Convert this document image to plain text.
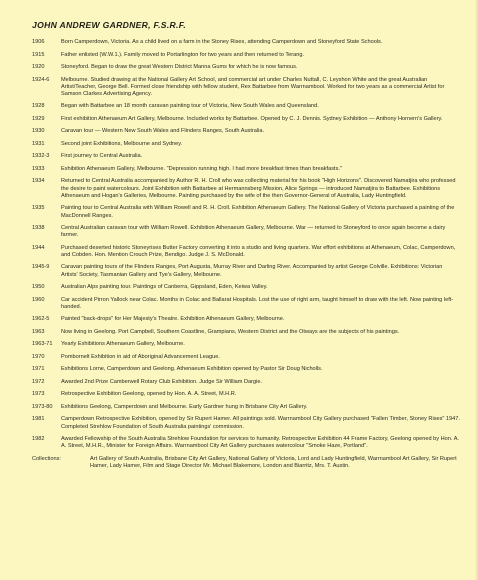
JOHN ANDREW GARDNER, F.S.R.F.
1906	Born Camperdown, Victoria. As a child lived on a farm in the Stoney Rises, attending Camperdown and Stoneyford State Schools.
1915	Father enlisted (W.W.1.). Family moved to Portarlington for two years and then returned to Terang.
1920	Stoneyford. Began to draw the great Western District Manna Gums for which he is now famous.
1924-6	Melbourne. Studied drawing at the National Gallery Art School, and commercial art under Charles Nuttall, C. Leyshon White and the great Australian Artist/Teacher, George Bell. Formed close friendship with fellow student, Rex Battarbee from Warrnambool. Worked for two years as a commercial Artist for Samson Clarkes Advertising Agency.
1928	Began with Battarbee an 18 month caravan painting tour of Victoria, New South Wales and Queensland.
1929	First exhibition Athenaeum Art Gallery, Melbourne. Included works by Battarbee. Opened by C. J. Dennis. Sydney Exhibition — Anthony Hornern's Gallery.
1930	Caravan tour — Western New South Wales and Flinders Ranges, South Australia.
1931	Second joint Exhibitions, Melbourne and Sydney.
1932-3	First journey to Central Australia.
1933	Exhibition Athenaeum Gallery, Melbourne. "Depression running high. I had more breakfast times than breakfasts."
1934	Returned to Central Australia accompanied by Author R. H. Croll who was collecting material for his book "High Horizons". Discovered Namatjira who professed the desire to paint watercolours. Joint Exhibition with Battarbee at Hermannsberg Mission, Alice Springs — introduced Namatjira to Battarbee. Exhibitions Athenaeum and Hogan's Galleries, Melbourne. Painting purchased by the wife of the then Governor-General of Australia, Lady Huntingfield.
1935	Painting tour to Central Australia with William Rowell and R. H. Croll. Exhibition Athenaeum Gallery. The National Gallery of Victoria purchased a painting of the MacDonnell Ranges.
1938	Central Australian caravan tour with William Rowell. Exhibition Athenaeum Gallery, Melbourne. War — returned to Stoneyford to once again become a dairy farmer.
1944	Purchased deserted historic Stoneyrises Butter Factory converting it into a studio and living quarters. War effort exhibitions at Athenaeum, Colac, Camperdown, and Cobden. Hon. Mention Crouch Prize, Bendigo. Judge J. S. McDonald.
1945-9	Caravan painting tours of the Flinders Ranges, Port Augusta, Murray River and Darling River. Accompanied by artist George Colville. Exhibitions: Victorian Artists' Society, Tasmanian Gallery and Tye's Gallery, Melbourne.
1950	Australian Alps painting tour. Paintings of Canberra, Gippsland, Eden, Keiwa Valley.
1960	Car accident Pirron Yallock near Colac. Months in Colac and Ballarat Hospitals. Lost the use of right arm, taught himself to draw with the left. Now painting left-handed.
1962-5	Painted "back-drops" for Her Majesty's Theatre. Exhibition Athenaeum Gallery, Melbourne.
1963	Now living in Geelong. Port Campbell, Southern Coastline, Grampians, Western District and the Otways are the subjects of his paintings.
1963-71	Yearly Exhibitions Athenaeum Gallery, Melbourne.
1970	Pombornelt Exhibition in aid of Aboriginal Advancement League.
1971	Exhibitions Lorne, Camperdown and Geelong. Athenaeum Exhibition opened by Pastor Sir Doug Nicholls.
1972	Awarded 2nd Prize Camberwell Rotary Club Exhibition. Judge Sir William Dargie.
1973	Retrospective Exhibition Geelong, opened by Hon. A. A. Street, M.H.R.
1973-80	Exhibitions Geelong, Camperdown and Melbourne. Early Gardner hung in Brisbane City Art Gallery.
1981	Camperdown Retrospective Exhibition, opened by Sir Rupert Hamer. All paintings sold. Warrnambool City Gallery purchased "Fallen Timber, Stoney Rises" 1947. Completed Strehlow Foundation of South Australia paintings' commission.
1982	Awarded Fellowship of the South Australia Strehlow Foundation for services to humanity. Retrospective Exhibition 44 Frame Factory, Geelong opened by Hon. A. A. Street, M.H.R., Minister for Foreign Affairs. Warrnambool City Art Gallery purchases watercolour "Smoke Haze, Portland".
Collections:	Art Gallery of South Australia, Brisbane City Art Gallery, National Gallery of Victoria, Lord and Lady Huntingfield, Warrnambool Art Gallery, Sir Rupert Hamer, Lady Hamer, Film and Stage Director Mr. Michael Blakemore, London and Biarritz, Mrs. T. Austin.
